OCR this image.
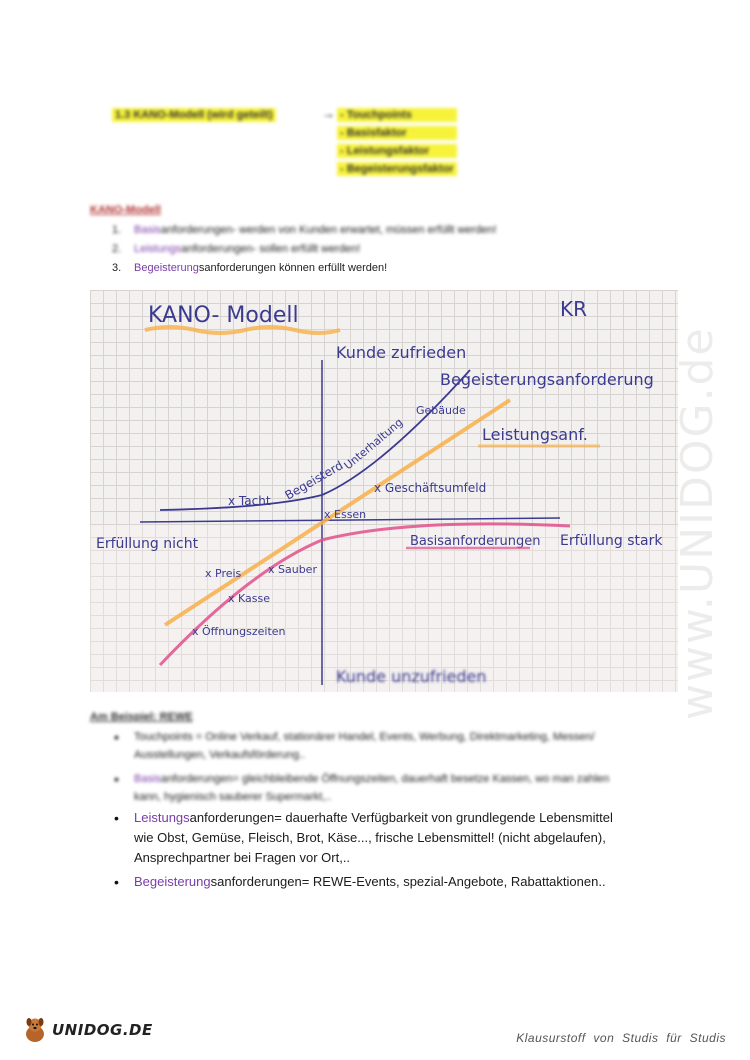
1.3 KANO-Modell (wird geteilt)	→ - Touchpoints
- Basisfaktor
- Leistungsfaktor
- Begeisterungsfaktor
KANO-Modell
1. Basisanforderungen- werden von Kunden erwartet, müssen erfüllt werden!
2. Leistungsanforderungen- sollen erfüllt werden!
3. Begeisterungsanforderungen können erfüllt werden!
KANO- Modell	KR
Kunde zufrieden
Kunde unzufrieden
Erfüllung nicht	Erfüllung stark
Begeisterungsanforderung
Leistungsanf.
Basisanforderungen
x Tacht Begeisterd
Unterhaltung
Gebäude
x Essen
x Geschäftsumfeld
x Preis x Sauber
x Kasse
x Öffnungszeiten	www.UNIDOG.de
Am Beispiel: REWE
• Touchpoints = Online Verkauf, stationärer Handel, Events, Werbung, Direktmarketing, Messen/ Ausstellungen, Verkaufsförderung..
• Basisanforderungen= gleichbleibende Öffnungszeiten, dauerhaft besetze Kassen, wo man zahlen kann, hygienisch sauberer Supermarkt,..
• Leistungsanforderungen= dauerhafte Verfügbarkeit von grundlegende Lebensmittel wie Obst, Gemüse, Fleisch, Brot, Käse..., frische Lebensmittel! (nicht abgelaufen), Ansprechpartner bei Fragen vor Ort,..
• Begeisterungsanforderungen= REWE-Events, spezial-Angebote, Rabattaktionen..
UNIDOG.DE	Klausurstoff von Studis für Studis
